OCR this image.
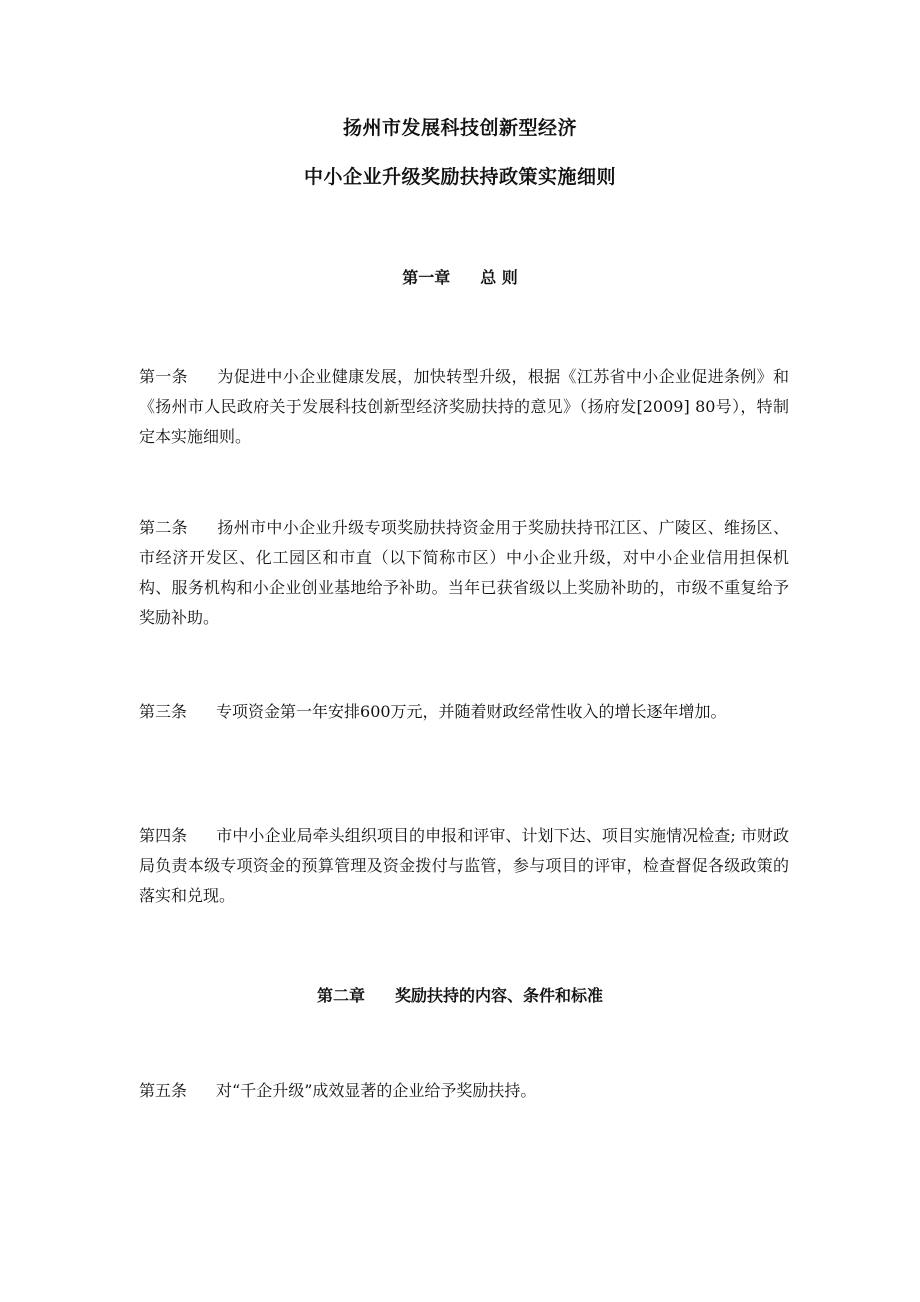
扬州市发展科技创新型经济
中小企业升级奖励扶持政策实施细则
第一章 总 则

第一条 为促进中小企业健康发展，加快转型升级，根据《江苏省中小企业促进条例》和《扬州市人民政府关于发展科技创新型经济奖励扶持的意见》（扬府发[2009] 80号），特制定本实施细则。

第二条 扬州市中小企业升级专项奖励扶持资金用于奖励扶持邗江区、广陵区、维扬区、市经济开发区、化工园区和市直（以下简称市区）中小企业升级，对中小企业信用担保机构、服务机构和小企业创业基地给予补助。当年已获省级以上奖励补助的，市级不重复给予奖励补助。

第三条 专项资金第一年安排600万元，并随着财政经常性收入的增长逐年增加。

第四条 市中小企业局牵头组织项目的申报和评审、计划下达、项目实施情况检查; 市财政局负责本级专项资金的预算管理及资金拨付与监管，参与项目的评审，检查督促各级政策的落实和兑现。

第二章 奖励扶持的内容、条件和标准

第五条 对“千企升级”成效显著的企业给予奖励扶持。
